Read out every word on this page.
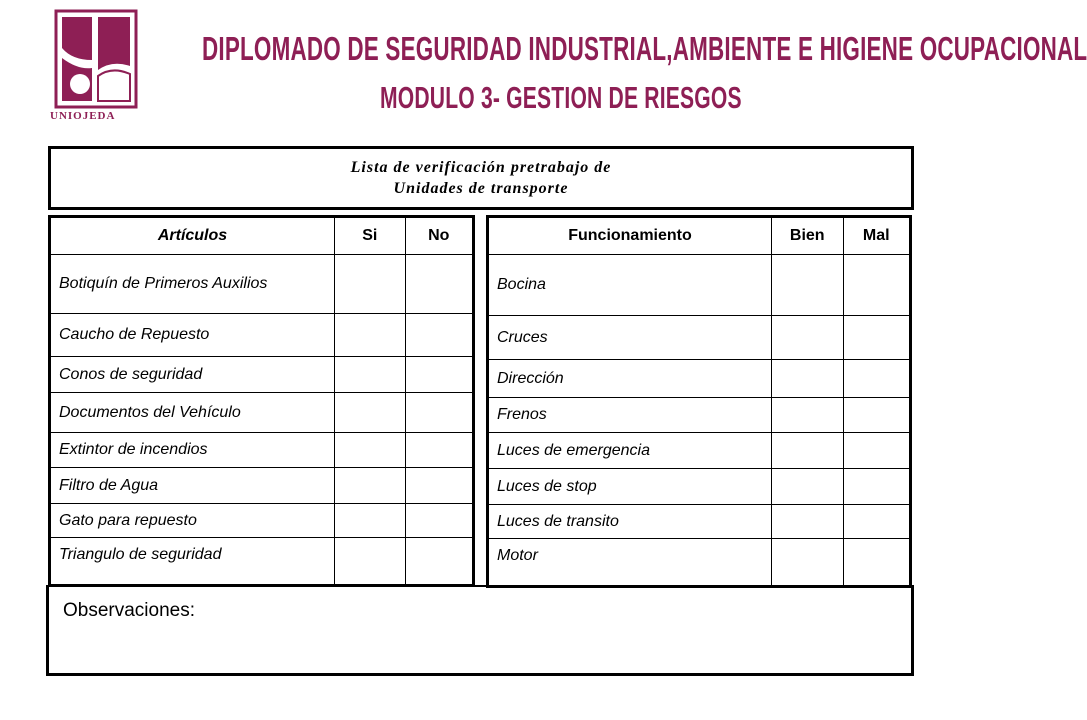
UNIOJEDA
DIPLOMADO DE SEGURIDAD INDUSTRIAL,AMBIENTE E HIGIENE OCUPACIONAL
MODULO 3- GESTION DE RIESGOS
Lista de verificación pretrabajo de
Unidades de transporte
Artículos	Si	No
Botiquín de Primeros Auxilios		
Caucho de Repuesto		
Conos de seguridad		
Documentos del Vehículo		
Extintor de incendios		
Filtro de Agua		
Gato para repuesto		
Triangulo de seguridad		
Funcionamiento	Bien	Mal
Bocina		
Cruces		
Dirección		
Frenos		
Luces de emergencia		
Luces de stop		
Luces de transito		
Motor		
Observaciones:
